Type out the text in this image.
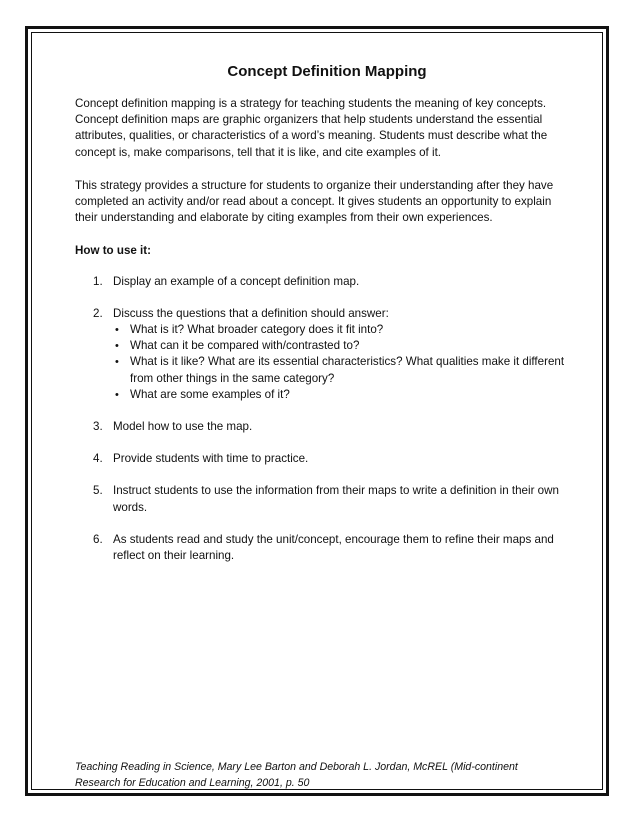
Concept Definition Mapping

Concept definition mapping is a strategy for teaching students the meaning of key concepts. Concept definition maps are graphic organizers that help students understand the essential attributes, qualities, or characteristics of a word’s meaning. Students must describe what the concept is, make comparisons, tell that it is like, and cite examples of it.

This strategy provides a structure for students to organize their understanding after they have completed an activity and/or read about a concept. It gives students an opportunity to explain their understanding and elaborate by citing examples from their own experiences.

How to use it:
1. Display an example of a concept definition map.
2. Discuss the questions that a definition should answer:
• What is it? What broader category does it fit into?
• What can it be compared with/contrasted to?
• What is it like? What are its essential characteristics? What qualities make it different from other things in the same category?
• What are some examples of it?
3. Model how to use the map.
4. Provide students with time to practice.
5. Instruct students to use the information from their maps to write a definition in their own words.
6. As students read and study the unit/concept, encourage them to refine their maps and reflect on their learning.
Teaching Reading in Science, Mary Lee Barton and Deborah L. Jordan, McREL (Mid-continent Research for Education and Learning, 2001, p. 50
